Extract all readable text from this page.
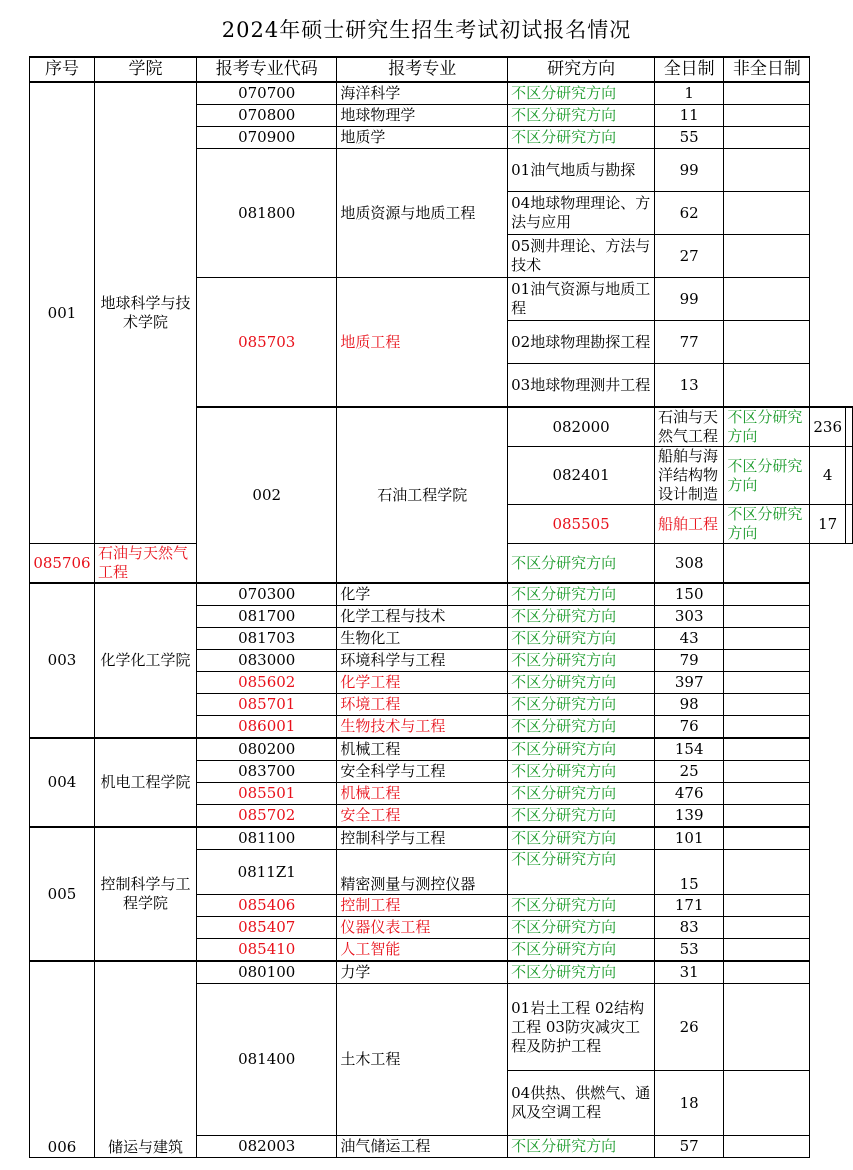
2024年硕士研究生招生考试初试报名情况
序号	学院	报考专业代码	报考专业	研究方向	全日制	非全日制		
001	地球科学与技术学院	070700	海洋科学	不区分研究方向	1			
		070800	地球物理学	不区分研究方向	11			
		070900	地质学	不区分研究方向	55			
		081800	地质资源与地质工程	01油气地质与勘探	99			
				04地球物理理论、方法与应用	62			
				05测井理论、方法与技术	27			
		085703	地质工程	01油气资源与地质工程	99			
				02地球物理勘探工程	77			
				03地球物理测井工程	13			
		002	石油工程学院	082000	石油与天然气工程	不区分研究方向	236	
				082401	船舶与海洋结构物设计制造	不区分研究方向	4	
				085505	船舶工程	不区分研究方向	17	
085706	石油与天然气工程			不区分研究方向	308			
003	化学化工学院	070300	化学	不区分研究方向	150			
		081700	化学工程与技术	不区分研究方向	303			
		081703	生物化工	不区分研究方向	43			
		083000	环境科学与工程	不区分研究方向	79			
		085602	化学工程	不区分研究方向	397			
		085701	环境工程	不区分研究方向	98			
		086001	生物技术与工程	不区分研究方向	76			
004	机电工程学院	080200	机械工程	不区分研究方向	154			
		083700	安全科学与工程	不区分研究方向	25			
		085501	机械工程	不区分研究方向	476			
		085702	安全工程	不区分研究方向	139			
005	控制科学与工程学院	081100	控制科学与工程	不区分研究方向	101			
		0811Z1	精密测量与测控仪器	不区分研究方向	15			
		085406	控制工程	不区分研究方向	171			
		085407	仪器仪表工程	不区分研究方向	83			
		085410	人工智能	不区分研究方向	53			
006	储运与建筑	080100	力学	不区分研究方向	31			
		081400	土木工程	01岩土工程 02结构工程 03防灾减灾工程及防护工程	26			
				04供热、供燃气、通风及空调工程	18			
		082003	油气储运工程	不区分研究方向	57			
